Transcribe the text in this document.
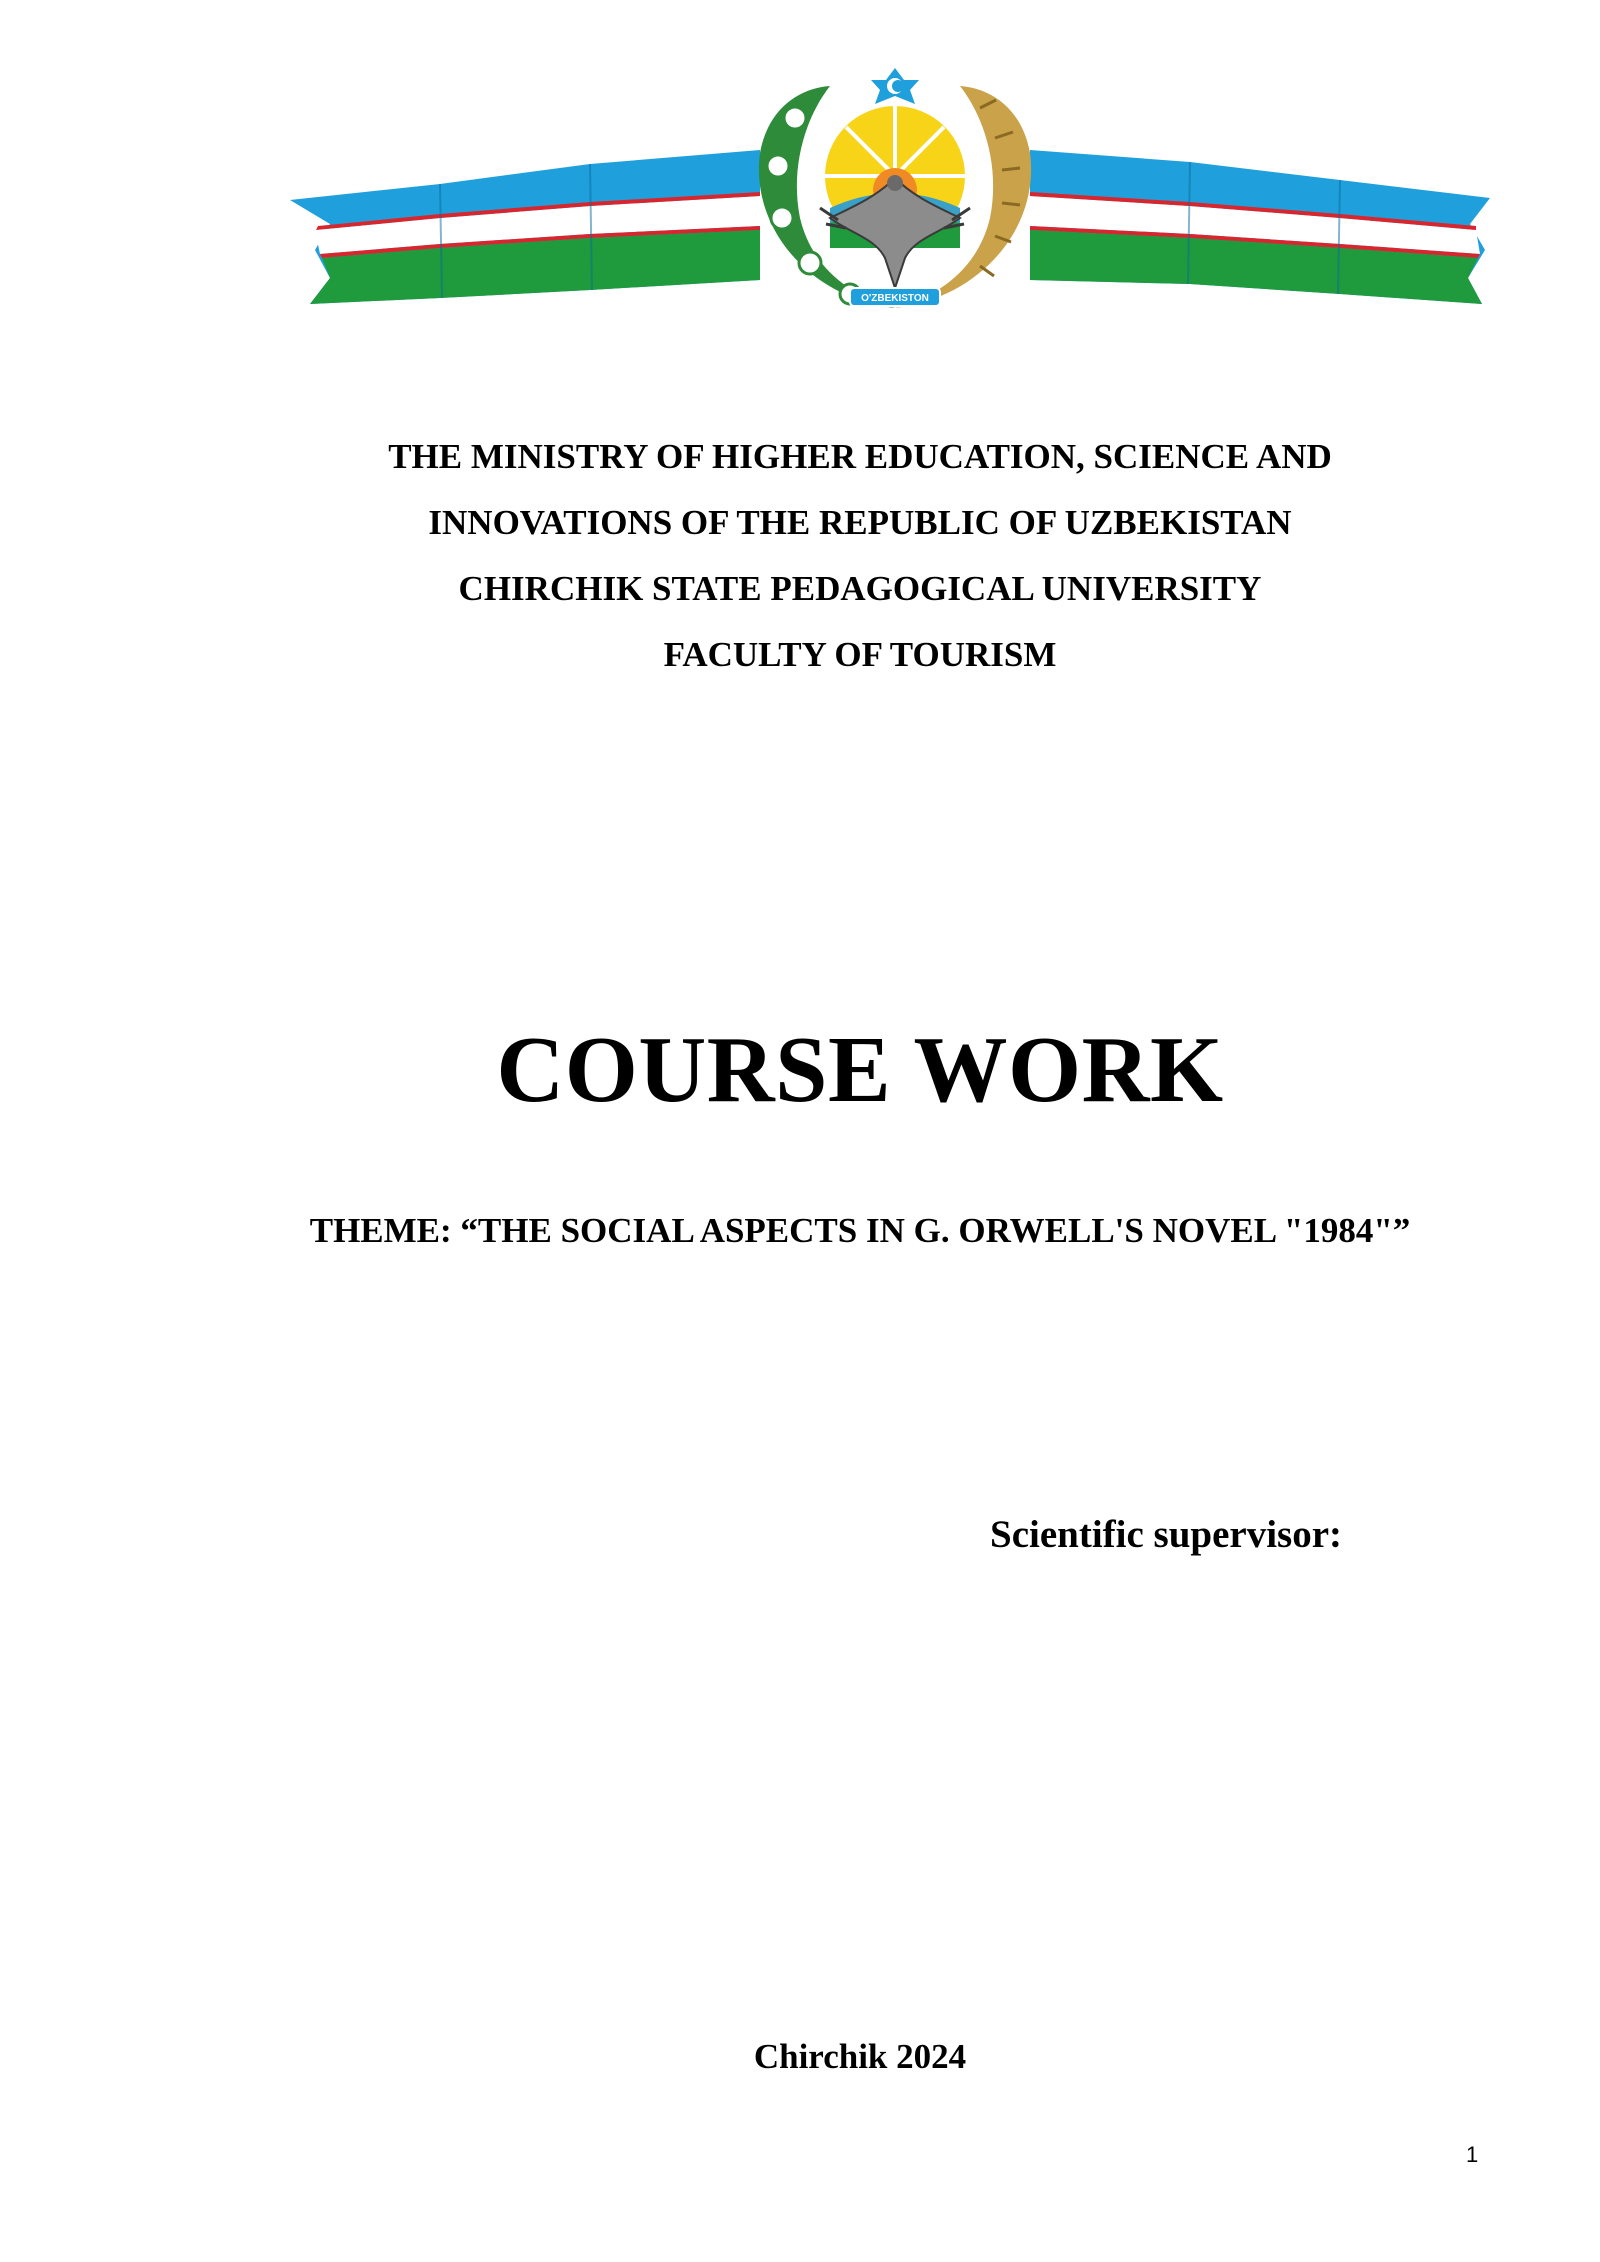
O'ZBEKISTON
THE MINISTRY OF HIGHER EDUCATION, SCIENCE AND
INNOVATIONS OF THE REPUBLIC OF UZBEKISTAN
CHIRCHIK STATE PEDAGOGICAL UNIVERSITY
FACULTY OF TOURISM
COURSE WORK
THEME: “THE SOCIAL ASPECTS IN G. ORWELL'S NOVEL "1984"”
Scientific supervisor:
Chirchik 2024
1
